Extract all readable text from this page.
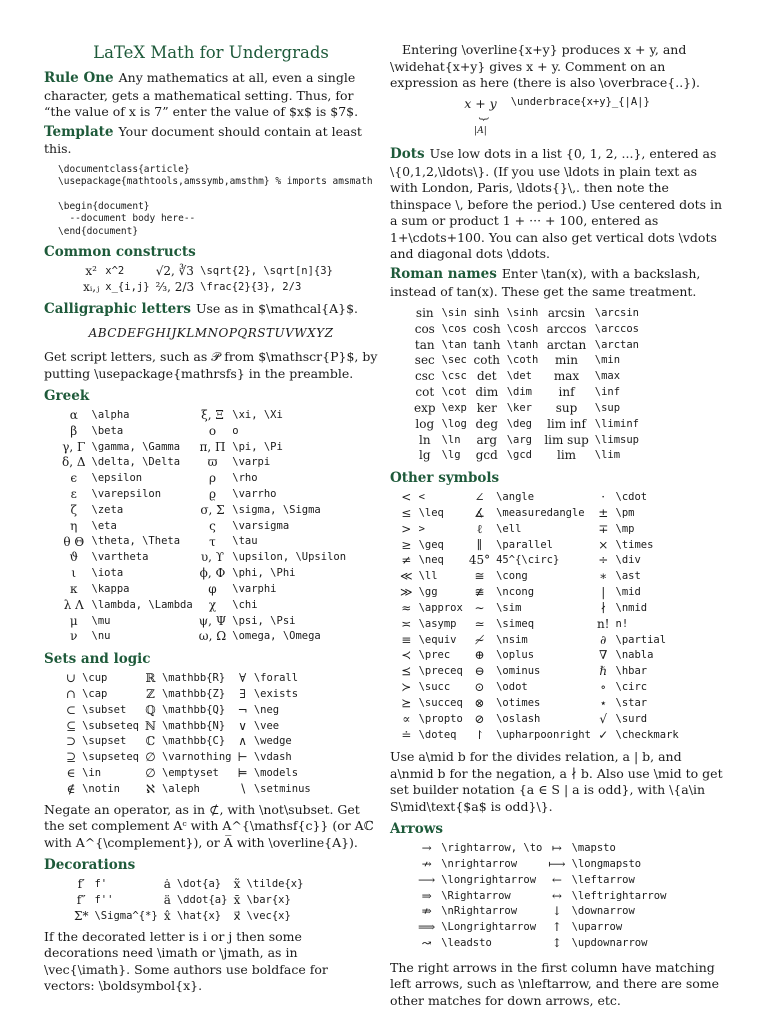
LaTeX Math for Undergrads

Rule One Any mathematics at all, even a single character, gets a mathematical setting. Thus, for “the value of x is 7” enter the value of $x$ is $7$.

Template Your document should contain at least this.

\documentclass{article}
\usepackage{mathtools,amssymb,amsthm} % imports amsmath

\begin{document}
--document body here--
\end{document}
Common constructs
x²	x^2	√2, ∛3	\sqrt{2}, \sqrt[n]{3}
xᵢ,ⱼ	x_{i,j}	⅔, 2/3	\frac{2}{3}, 2/3

Calligraphic letters Use as in $\mathcal{A}$.

ABCDEFGHIJKLMNOPQRSTUVWXYZ

Get script letters, such as 𝒫 from $\mathscr{P}$, by putting \usepackage{mathrsfs} in the preamble.

Greek
α	\alpha	ξ, Ξ	\xi, \Xi
β	\beta	o	o
γ, Γ	\gamma, \Gamma	π, Π	\pi, \Pi
δ, Δ	\delta, \Delta	ϖ	\varpi
ϵ	\epsilon	ρ	\rho
ε	\varepsilon	ϱ	\varrho
ζ	\zeta	σ, Σ	\sigma, \Sigma
η	\eta	ς	\varsigma
θ Θ	\theta, \Theta	τ	\tau
ϑ	\vartheta	υ, ϒ	\upsilon, \Upsilon
ι	\iota	ϕ, Φ	\phi, \Phi
κ	\kappa	φ	\varphi
λ Λ	\lambda, \Lambda	χ	\chi
μ	\mu	ψ, Ψ	\psi, \Psi
ν	\nu	ω, Ω	\omega, \Omega
Sets and logic
∪	\cup	ℝ	\mathbb{R}	∀	\forall
∩	\cap	ℤ	\mathbb{Z}	∃	\exists
⊂	\subset	ℚ	\mathbb{Q}	¬	\neg
⊆	\subseteq	ℕ	\mathbb{N}	∨	\vee
⊃	\supset	ℂ	\mathbb{C}	∧	\wedge
⊇	\supseteq	∅	\varnothing	⊢	\vdash
∈	\in	∅	\emptyset	⊨	\models
∉	\notin	ℵ	\aleph	∖	\setminus

Negate an operator, as in ⊄, with \not\subset. Get the set complement Aᶜ with A^{\mathsf{c}} (or Aℂ with A^{\complement}), or A̅ with \overline{A}).

Decorations
f′	f'	ȧ	\dot{a}	x̃	\tilde{x}
f″	f''	ä	\ddot{a}	x̄	\bar{x}
Σ*	\Sigma^{*}	x̂	\hat{x}	x⃗	\vec{x}

If the decorated letter is i or j then some decorations need \imath or \jmath, as in \vec{\imath}. Some authors use boldface for vectors: \boldsymbol{x}.

Entering \overline{x+y} produces x + y, and \widehat{x+y} gives x + y. Comment on an expression as here (there is also \overbrace{..}).

x + y
}
|A|
\underbrace{x+y}_{|A|}

Dots Use low dots in a list {0, 1, 2, ...}, entered as \{0,1,2,\ldots\}. (If you use \ldots in plain text as with London, Paris, \ldots{}\,. then note the thinspace \, before the period.) Use centered dots in a sum or product 1 + ··· + 100, entered as 1+\cdots+100. You can also get vertical dots \vdots and diagonal dots \ddots.

Roman names Enter \tan(x), with a backslash, instead of tan(x). These get the same treatment.

sin	\sin	sinh	\sinh	arcsin	\arcsin
cos	\cos	cosh	\cosh	arccos	\arccos
tan	\tan	tanh	\tanh	arctan	\arctan
sec	\sec	coth	\coth	min	\min
csc	\csc	det	\det	max	\max
cot	\cot	dim	\dim	inf	\inf
exp	\exp	ker	\ker	sup	\sup
log	\log	deg	\deg	lim inf	\liminf
ln	\ln	arg	\arg	lim sup	\limsup
lg	\lg	gcd	\gcd	lim	\lim
Other symbols
<	<	∠	\angle	·	\cdot
≤	\leq	∡	\measuredangle	±	\pm
>	>	ℓ	\ell	∓	\mp
≥	\geq	∥	\parallel	×	\times
≠	\neq	45°	45^{\circ}	÷	\div
≪	\ll	≅	\cong	∗	\ast
≫	\gg	≇	\ncong	|	\mid
≈	\approx	∼	\sim	∤	\nmid
≍	\asymp	≃	\simeq	n!	n!
≡	\equiv	≁	\nsim	∂	\partial
≺	\prec	⊕	\oplus	∇	\nabla
⪯	\preceq	⊖	\ominus	ℏ	\hbar
≻	\succ	⊙	\odot	∘	\circ
⪰	\succeq	⊗	\otimes	⋆	\star
∝	\propto	⊘	\oslash	√	\surd
≐	\doteq	↾	\upharpoonright	✓	\checkmark

Use a\mid b for the divides relation, a | b, and a\nmid b for the negation, a ∤ b. Also use \mid to get set builder notation {a ∈ S | a is odd}, with \{a\in S\mid\text{$a$ is odd}\}.

Arrows
→	\rightarrow, \to	↦	\mapsto
↛	\nrightarrow	⟼	\longmapsto
⟶	\longrightarrow	←	\leftarrow
⇒	\Rightarrow	↔	\leftrightarrow
⇏	\nRightarrow	↓	\downarrow
⟹	\Longrightarrow	↑	\uparrow
↝	\leadsto	↕	\updownarrow

The right arrows in the first column have matching left arrows, such as \nleftarrow, and there are some other matches for down arrows, etc.
